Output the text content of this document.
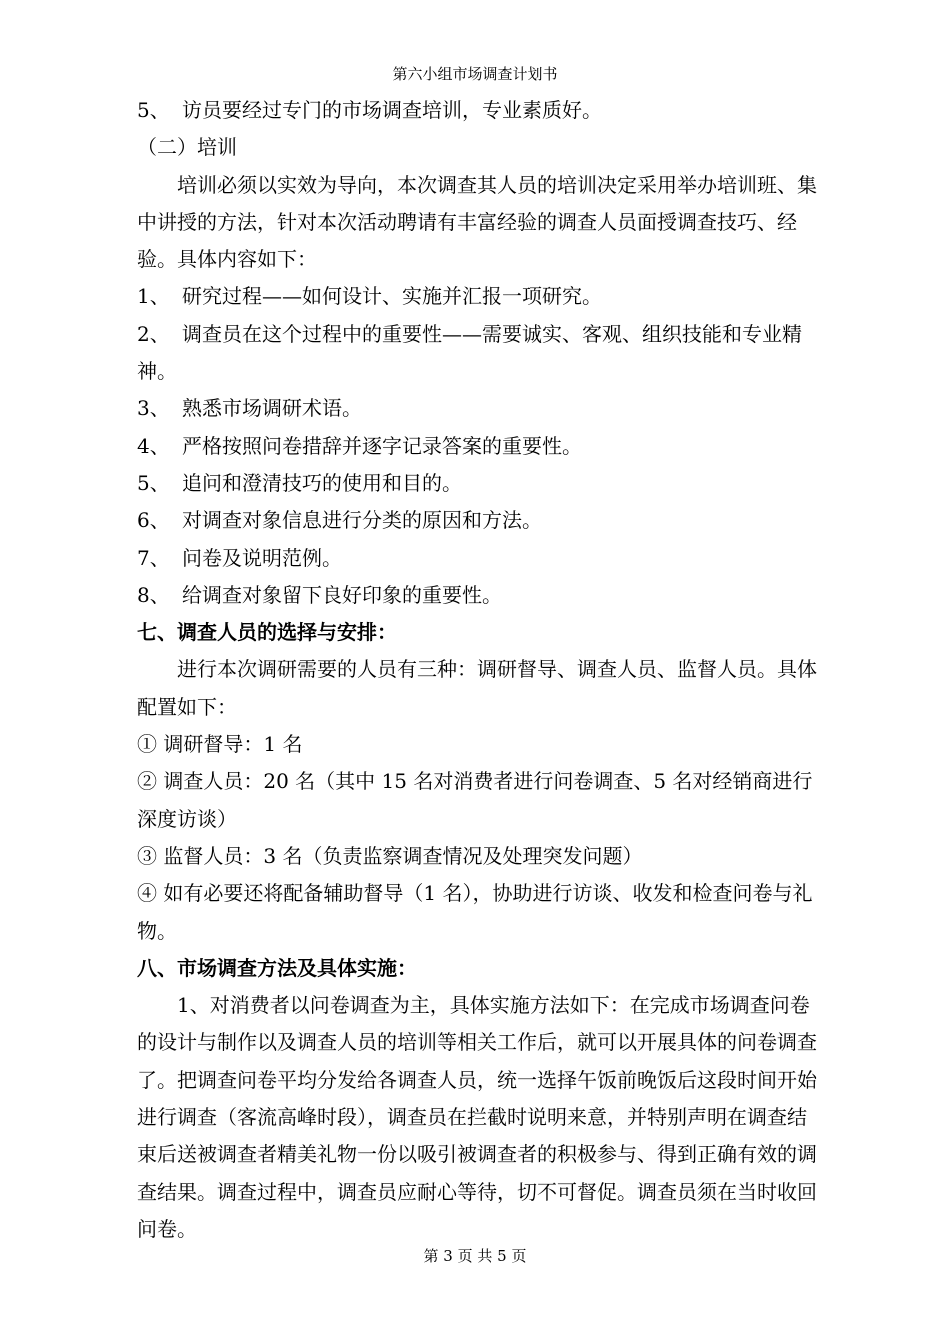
第六小组市场调查计划书

5、 访员要经过专门的市场调查培训，专业素质好。

（二）培训

培训必须以实效为导向，本次调查其人员的培训决定采用举办培训班、集中讲授的方法，针对本次活动聘请有丰富经验的调查人员面授调查技巧、经验。具体内容如下：

1、 研究过程——如何设计、实施并汇报一项研究。

2、 调查员在这个过程中的重要性——需要诚实、客观、组织技能和专业精神。

3、 熟悉市场调研术语。

4、 严格按照问卷措辞并逐字记录答案的重要性。

5、 追问和澄清技巧的使用和目的。

6、 对调查对象信息进行分类的原因和方法。

7、 问卷及说明范例。

8、 给调查对象留下良好印象的重要性。

七、调查人员的选择与安排：

进行本次调研需要的人员有三种：调研督导、调查人员、监督人员。具体配置如下：

① 调研督导：1 名

② 调查人员：20 名（其中 15 名对消费者进行问卷调查、5 名对经销商进行深度访谈）

③ 监督人员：3 名（负责监察调查情况及处理突发问题）

④ 如有必要还将配备辅助督导（1 名），协助进行访谈、收发和检查问卷与礼物。

八、市场调查方法及具体实施：

1、对消费者以问卷调查为主，具体实施方法如下：在完成市场调查问卷的设计与制作以及调查人员的培训等相关工作后，就可以开展具体的问卷调查了。把调查问卷平均分发给各调查人员，统一选择午饭前晚饭后这段时间开始进行调查（客流高峰时段），调查员在拦截时说明来意，并特别声明在调查结束后送被调查者精美礼物一份以吸引被调查者的积极参与、得到正确有效的调查结果。调查过程中，调查员应耐心等待，切不可督促。调查员须在当时收回问卷。

第 3 页 共 5 页
